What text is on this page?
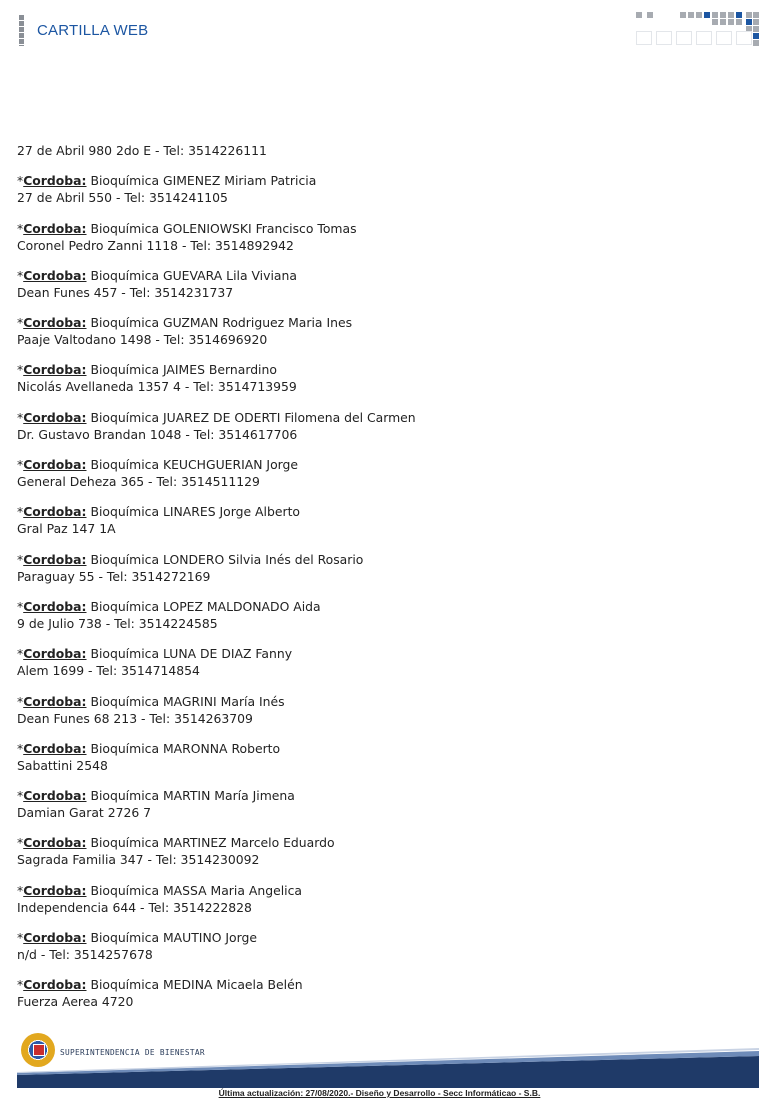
CARTILLA WEB

27 de Abril 980 2do E - Tel: 3514226111

*Cordoba: Bioquímica GIMENEZ Miriam Patricia

27 de Abril 550 - Tel: 3514241105

*Cordoba: Bioquímica GOLENIOWSKI Francisco Tomas

Coronel Pedro Zanni 1118 - Tel: 3514892942

*Cordoba: Bioquímica GUEVARA Lila Viviana

Dean Funes 457 - Tel: 3514231737

*Cordoba: Bioquímica GUZMAN Rodriguez Maria Ines

Paaje Valtodano 1498 - Tel: 3514696920

*Cordoba: Bioquímica JAIMES Bernardino

Nicolás Avellaneda 1357 4 - Tel: 3514713959

*Cordoba: Bioquímica JUAREZ DE ODERTI Filomena del Carmen

Dr. Gustavo Brandan 1048 - Tel: 3514617706

*Cordoba: Bioquímica KEUCHGUERIAN Jorge

General Deheza 365 - Tel: 3514511129

*Cordoba: Bioquímica LINARES Jorge Alberto

Gral Paz 147 1A

*Cordoba: Bioquímica LONDERO Silvia Inés del Rosario

Paraguay 55 - Tel: 3514272169

*Cordoba: Bioquímica LOPEZ MALDONADO Aida

9 de Julio 738 - Tel: 3514224585

*Cordoba: Bioquímica LUNA DE DIAZ Fanny

Alem 1699 - Tel: 3514714854

*Cordoba: Bioquímica MAGRINI María Inés

Dean Funes 68 213 - Tel: 3514263709

*Cordoba: Bioquímica MARONNA Roberto

Sabattini 2548

*Cordoba: Bioquímica MARTIN María Jimena

Damian Garat 2726 7

*Cordoba: Bioquímica MARTINEZ Marcelo Eduardo

Sagrada Familia 347 - Tel: 3514230092

*Cordoba: Bioquímica MASSA Maria Angelica

Independencia 644 - Tel: 3514222828

*Cordoba: Bioquímica MAUTINO Jorge

n/d - Tel: 3514257678

*Cordoba: Bioquímica MEDINA Micaela Belén

Fuerza Aerea 4720

SUPERINTENDENCIA DE BIENESTAR
Última actualización: 27/08/2020.- Diseño y Desarrollo - Secc Informáticao - S.B.
